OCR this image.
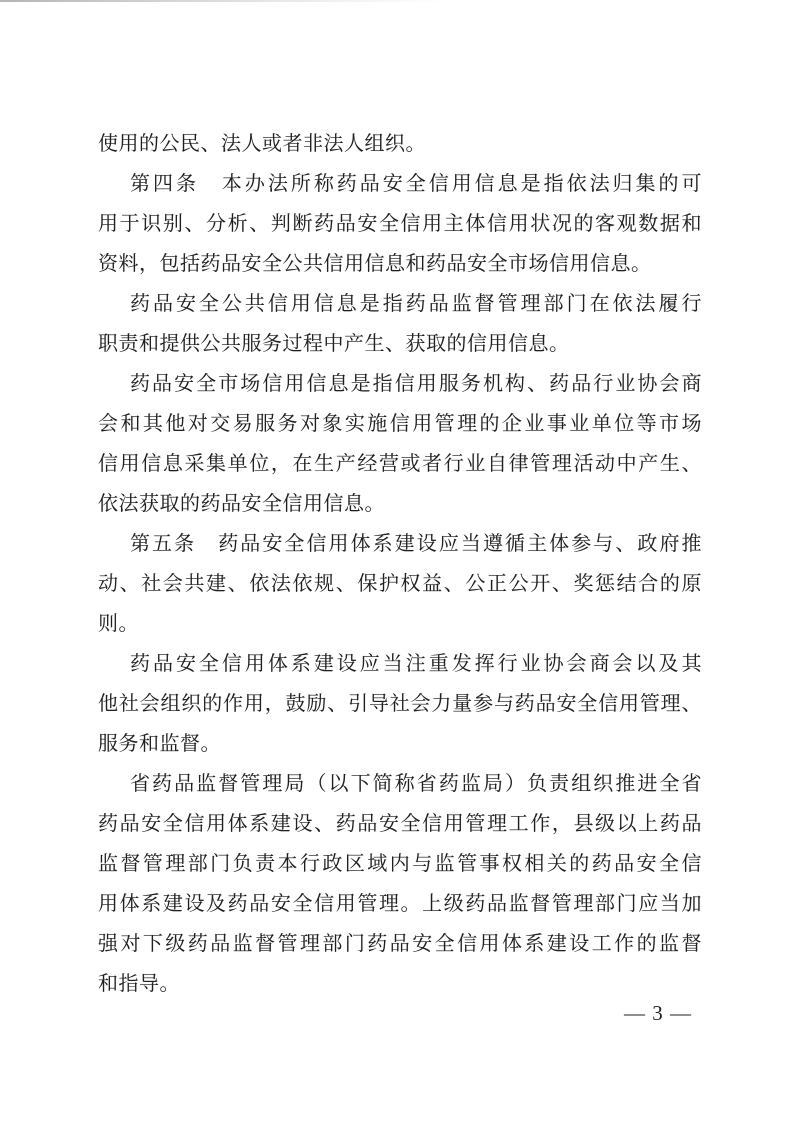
使用的公民、法人或者非法人组织。
第四条　本办法所称药品安全信用信息是指依法归集的可
用于识别、分析、判断药品安全信用主体信用状况的客观数据和
资料，包括药品安全公共信用信息和药品安全市场信用信息。
药品安全公共信用信息是指药品监督管理部门在依法履行
职责和提供公共服务过程中产生、获取的信用信息。
药品安全市场信用信息是指信用服务机构、药品行业协会商
会和其他对交易服务对象实施信用管理的企业事业单位等市场
信用信息采集单位，在生产经营或者行业自律管理活动中产生、
依法获取的药品安全信用信息。
第五条　药品安全信用体系建设应当遵循主体参与、政府推
动、社会共建、依法依规、保护权益、公正公开、奖惩结合的原
则。
药品安全信用体系建设应当注重发挥行业协会商会以及其
他社会组织的作用，鼓励、引导社会力量参与药品安全信用管理、
服务和监督。
省药品监督管理局（以下简称省药监局）负责组织推进全省
药品安全信用体系建设、药品安全信用管理工作，县级以上药品
监督管理部门负责本行政区域内与监管事权相关的药品安全信
用体系建设及药品安全信用管理。上级药品监督管理部门应当加
强对下级药品监督管理部门药品安全信用体系建设工作的监督
和指导。
— 3 —
